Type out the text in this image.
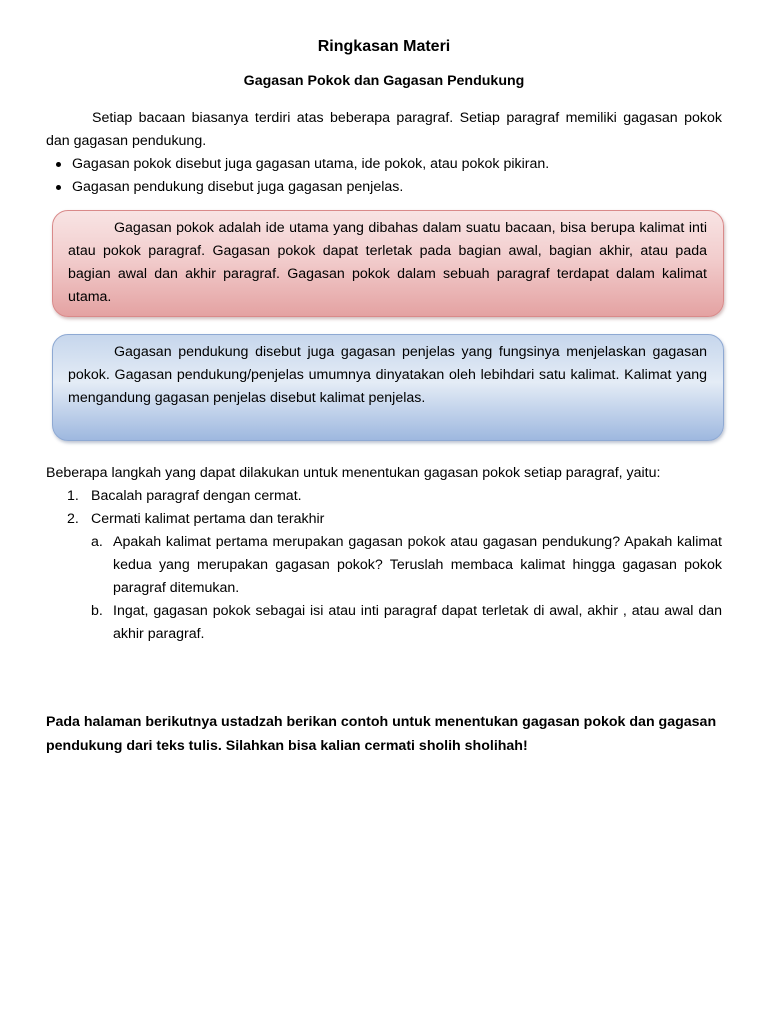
Ringkasan Materi
Gagasan Pokok dan Gagasan Pendukung

Setiap bacaan biasanya terdiri atas beberapa paragraf. Setiap paragraf memiliki gagasan pokok dan gagasan pendukung.

Gagasan pokok disebut juga gagasan utama, ide pokok, atau pokok pikiran.
Gagasan pendukung disebut juga gagasan penjelas.

Gagasan pokok adalah ide utama yang dibahas dalam suatu bacaan, bisa berupa kalimat inti atau pokok paragraf. Gagasan pokok dapat terletak pada bagian awal, bagian akhir, atau pada bagian awal dan akhir paragraf. Gagasan pokok dalam sebuah paragraf terdapat dalam kalimat utama.

Gagasan pendukung disebut juga gagasan penjelas yang fungsinya menjelaskan gagasan pokok. Gagasan pendukung/penjelas umumnya dinyatakan oleh lebihdari satu kalimat. Kalimat yang mengandung gagasan penjelas disebut kalimat penjelas.

Beberapa langkah yang dapat dilakukan untuk menentukan gagasan pokok setiap paragraf, yaitu:

1. Bacalah paragraf dengan cermat.
2. Cermati kalimat pertama dan terakhir
a. Apakah kalimat pertama merupakan gagasan pokok atau gagasan pendukung? Apakah kalimat kedua yang merupakan gagasan pokok? Teruslah membaca kalimat hingga gagasan pokok paragraf ditemukan.
b. Ingat, gagasan pokok sebagai isi atau inti paragraf dapat terletak di awal, akhir , atau awal dan akhir paragraf.

Pada halaman berikutnya ustadzah berikan contoh untuk menentukan gagasan pokok dan gagasan pendukung dari teks tulis. Silahkan bisa kalian cermati sholih sholihah!
